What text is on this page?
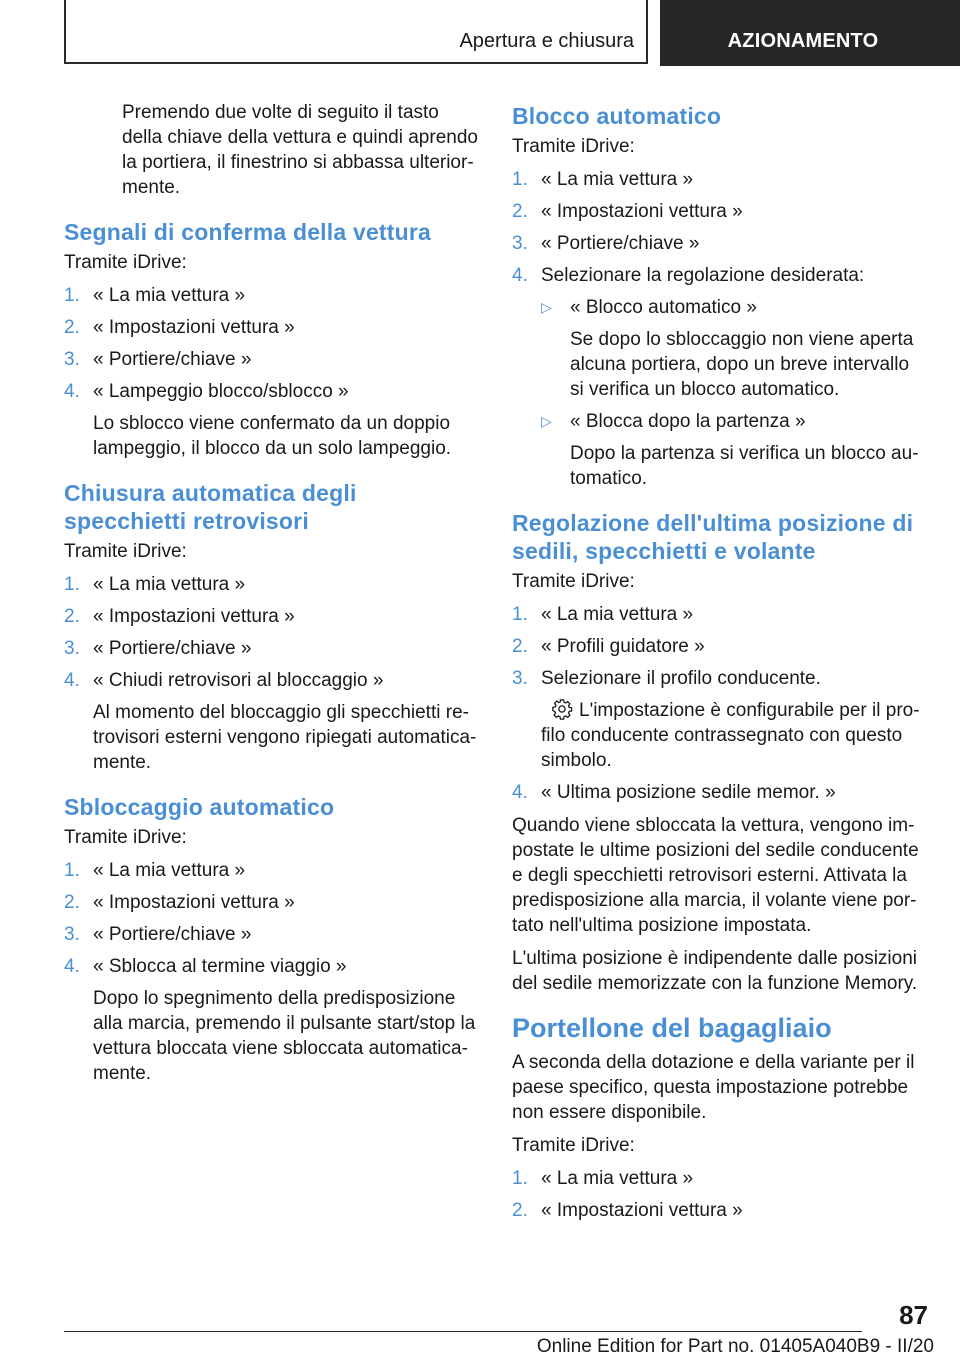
Apertura e chiusura	AZIONAMENTO

Premendo due volte di seguito il tasto della chiave della vettura e quindi aprendo la portiera, il finestrino si abbassa ulterior-mente.

Segnali di conferma della vettura

Tramite iDrive:

1. « La mia vettura »
2. « Impostazioni vettura »
3. « Portiere/chiave »
4. « Lampeggio blocco/sblocco »
Lo sblocco viene confermato da un doppio lampeggio, il blocco da un solo lampeggio.
Chiusura automatica degli specchietti retrovisori

Tramite iDrive:

1. « La mia vettura »
2. « Impostazioni vettura »
3. « Portiere/chiave »
4. « Chiudi retrovisori al bloccaggio »
Al momento del bloccaggio gli specchietti re-trovisori esterni vengono ripiegati automatica-mente.
Sbloccaggio automatico

Tramite iDrive:

1. « La mia vettura »
2. « Impostazioni vettura »
3. « Portiere/chiave »
4. « Sblocca al termine viaggio »
Dopo lo spegnimento della predisposizione alla marcia, premendo il pulsante start/stop la vettura bloccata viene sbloccata automatica-mente.
Blocco automatico

Tramite iDrive:

1. « La mia vettura »
2. « Impostazioni vettura »
3. « Portiere/chiave »
4. Selezionare la regolazione desiderata:
▷ « Blocco automatico »
Se dopo lo sbloccaggio non viene aperta alcuna portiera, dopo un breve intervallo si verifica un blocco automatico.
▷ « Blocca dopo la partenza »
Dopo la partenza si verifica un blocco au-tomatico.
Regolazione dell'ultima posizione di sedili, specchietti e volante

Tramite iDrive:

1. « La mia vettura »
2. « Profili guidatore »
3. Selezionare il profilo conducente.
L'impostazione è configurabile per il pro-filo conducente contrassegnato con questo simbolo.
4. « Ultima posizione sedile memor. »

Quando viene sbloccata la vettura, vengono im-postate le ultime posizioni del sedile conducente e degli specchietti retrovisori esterni. Attivata la predisposizione alla marcia, il volante viene por-tato nell'ultima posizione impostata.

L'ultima posizione è indipendente dalle posizioni del sedile memorizzate con la funzione Memory.

Portellone del bagagliaio

A seconda della dotazione e della variante per il paese specifico, questa impostazione potrebbe non essere disponibile.

Tramite iDrive:

1. « La mia vettura »
2. « Impostazioni vettura »
87
Online Edition for Part no. 01405A040B9 - II/20
